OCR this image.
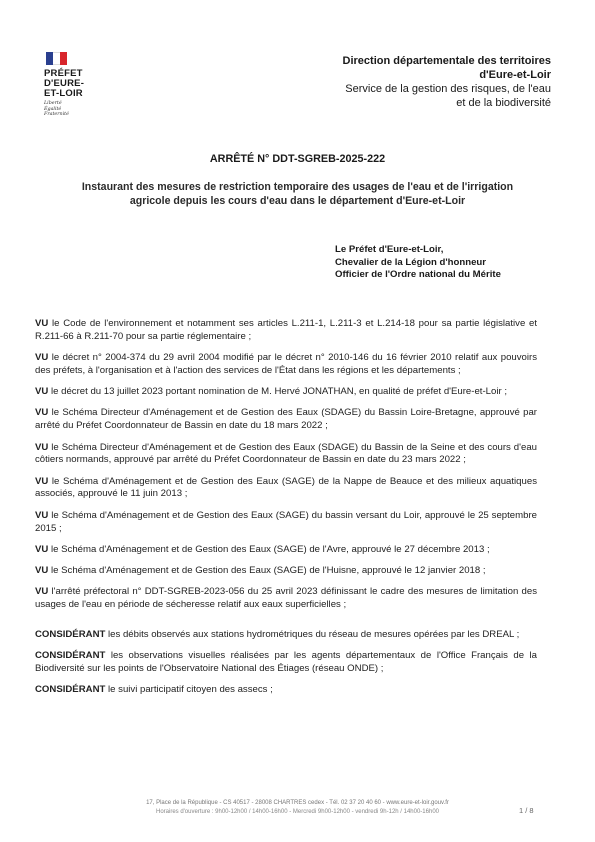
PRÉFET
D'EURE-
ET-LOIR
Liberté
Égalité
Fraternité
Direction départementale des territoires
d'Eure-et-Loir
Service de la gestion des risques, de l'eau
et de la biodiversité
ARRÊTÉ N° DDT-SGREB-2025-222
Instaurant des mesures de restriction temporaire des usages de l'eau et de l'irrigation
agricole depuis les cours d'eau dans le département d'Eure-et-Loir
Le Préfet d'Eure-et-Loir,
Chevalier de la Légion d'honneur
Officier de l'Ordre national du Mérite

VU le Code de l'environnement et notamment ses articles L.211-1, L.211-3 et L.214-18 pour sa partie législative et R.211-66 à R.211-70 pour sa partie réglementaire ;

VU le décret n° 2004-374 du 29 avril 2004 modifié par le décret n° 2010-146 du 16 février 2010 relatif aux pouvoirs des préfets, à l'organisation et à l'action des services de l'État dans les régions et les départements ;

VU le décret du 13 juillet 2023 portant nomination de M. Hervé JONATHAN, en qualité de préfet d'Eure-et-Loir ;

VU le Schéma Directeur d'Aménagement et de Gestion des Eaux (SDAGE) du Bassin Loire-Bretagne, approuvé par arrêté du Préfet Coordonnateur de Bassin en date du 18 mars 2022 ;

VU le Schéma Directeur d'Aménagement et de Gestion des Eaux (SDAGE) du Bassin de la Seine et des cours d'eau côtiers normands, approuvé par arrêté du Préfet Coordonnateur de Bassin en date du 23 mars 2022 ;

VU le Schéma d'Aménagement et de Gestion des Eaux (SAGE) de la Nappe de Beauce et des milieux aquatiques associés, approuvé le 11 juin 2013 ;

VU le Schéma d'Aménagement et de Gestion des Eaux (SAGE) du bassin versant du Loir, approuvé le 25 septembre 2015 ;

VU le Schéma d'Aménagement et de Gestion des Eaux (SAGE) de l'Avre, approuvé le 27 décembre 2013 ;

VU le Schéma d'Aménagement et de Gestion des Eaux (SAGE) de l'Huisne, approuvé le 12 janvier 2018 ;

VU l'arrêté préfectoral n° DDT-SGREB-2023-056 du 25 avril 2023 définissant le cadre des mesures de limitation des usages de l'eau en période de sécheresse relatif aux eaux superficielles ;

CONSIDÉRANT les débits observés aux stations hydrométriques du réseau de mesures opérées par les DREAL ;

CONSIDÉRANT les observations visuelles réalisées par les agents départementaux de l'Office Français de la Biodiversité sur les points de l'Observatoire National des Étiages (réseau ONDE) ;

CONSIDÉRANT le suivi participatif citoyen des assecs ;

17, Place de la République - CS 40517 - 28008 CHARTRES cedex - Tél. 02 37 20 40 60 - www.eure-et-loir.gouv.fr
Horaires d'ouverture : 9h00-12h00 / 14h00-16h00 - Mercredi 9h00-12h00 - vendredi 9h-12h / 14h00-16h00	1 / 8
